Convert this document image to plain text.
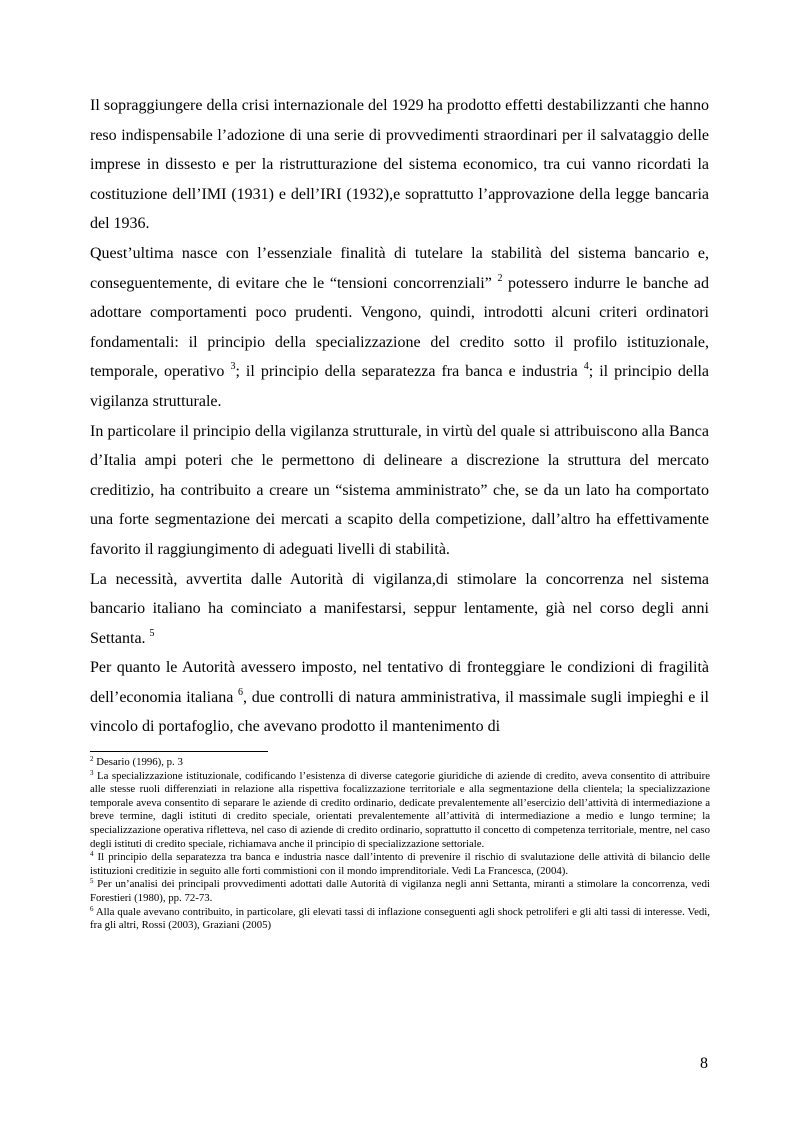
Il sopraggiungere della crisi internazionale del 1929 ha prodotto effetti destabilizzanti che hanno reso indispensabile l’adozione di una serie di provvedimenti straordinari per il salvataggio delle imprese in dissesto e per la ristrutturazione del sistema economico, tra cui vanno ricordati la costituzione dell’IMI (1931) e dell’IRI (1932),e soprattutto l’approvazione della legge bancaria del 1936.

Quest’ultima nasce con l’essenziale finalità di tutelare la stabilità del sistema bancario e, conseguentemente, di evitare che le “tensioni concorrenziali” $^2$ potessero indurre le banche ad adottare comportamenti poco prudenti. Vengono, quindi, introdotti alcuni criteri ordinatori fondamentali: il principio della specializzazione del credito sotto il profilo istituzionale, temporale, operativo $^3$; il principio della separatezza fra banca e industria $^4$; il principio della vigilanza strutturale.

In particolare il principio della vigilanza strutturale, in virtù del quale si attribuiscono alla Banca d’Italia ampi poteri che le permettono di delineare a discrezione la struttura del mercato creditizio, ha contribuito a creare un “sistema amministrato” che, se da un lato ha comportato una forte segmentazione dei mercati a scapito della competizione, dall’altro ha effettivamente favorito il raggiungimento di adeguati livelli di stabilità.

La necessità, avvertita dalle Autorità di vigilanza,di stimolare la concorrenza nel sistema bancario italiano ha cominciato a manifestarsi, seppur lentamente, già nel corso degli anni Settanta. $^5$

Per quanto le Autorità avessero imposto, nel tentativo di fronteggiare le condizioni di fragilità dell’economia italiana $^6$, due controlli di natura amministrativa, il massimale sugli impieghi e il vincolo di portafoglio, che avevano prodotto il mantenimento di

$^2$ Desario (1996), p. 3

$^3$ La specializzazione istituzionale, codificando l’esistenza di diverse categorie giuridiche di aziende di credito, aveva consentito di attribuire alle stesse ruoli differenziati in relazione alla rispettiva focalizzazione territoriale e alla segmentazione della clientela; la specializzazione temporale aveva consentito di separare le aziende di credito ordinario, dedicate prevalentemente all’esercizio dell’attività di intermediazione a breve termine, dagli istituti di credito speciale, orientati prevalentemente all’attività di intermediazione a medio e lungo termine; la specializzazione operativa rifletteva, nel caso di aziende di credito ordinario, soprattutto il concetto di competenza territoriale, mentre, nel caso degli istituti di credito speciale, richiamava anche il principio di specializzazione settoriale.

$^4$ Il principio della separatezza tra banca e industria nasce dall’intento di prevenire il rischio di svalutazione delle attività di bilancio delle istituzioni creditizie in seguito alle forti commistioni con il mondo imprenditoriale. Vedi La Francesca, (2004).

$^5$ Per un’analisi dei principali provvedimenti adottati dalle Autorità di vigilanza negli anni Settanta, miranti a stimolare la concorrenza, vedi Forestieri (1980), pp. 72-73.

$^6$ Alla quale avevano contribuito, in particolare, gli elevati tassi di inflazione conseguenti agli shock petroliferi e gli alti tassi di interesse. Vedi, fra gli altri, Rossi (2003), Graziani (2005)

8
